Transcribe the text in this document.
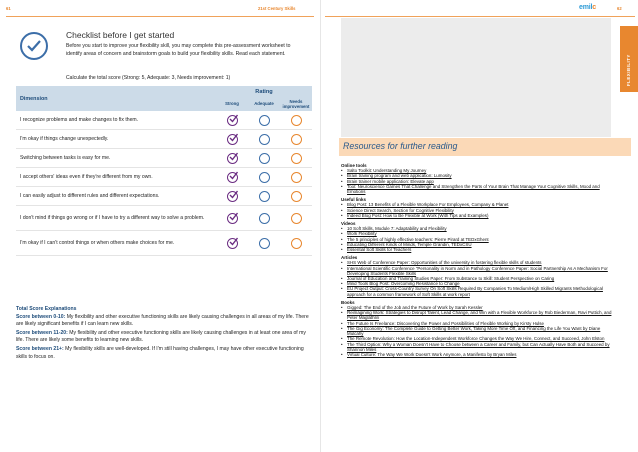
61	21st Century Skills
Checklist before I get started
Before you start to improve your flexibility skill, you may complete this pre-assessment worksheet to identify areas of concern and brainstorm goals to build your flexibility skills. Read each statement.
Calculate the total score (Strong: 5, Adequate: 3, Needs improvement: 1)
Dimension	Rating		
	Strong	Adequate	Needs improvement
I recognize problems and make changes to fix them.	

I'm okay if things change unexpectedly.	

Switching between tasks is easy for me.	

I accept others' ideas even if they're different from my own.	

I can easily adjust to different rules and different expectations.	

I don't mind if things go wrong or if I have to try a different way to solve a problem.	

I'm okay if I can't control things or when others make choices for me.	

Total Score Explanations

Score between 0-10: My flexibility and other executive functioning skills are likely causing challenges in all areas of my life. There are likely significant benefits if I can learn new skills.

Score between 11-20: My flexibility and other executive functioning skills are likely causing challenges in at least one area of my life. There are likely some benefits to learning new skills.

Score between 21+: My flexibility skills are well-developed. If I'm still having challenges, I may have other executive functioning skills to focus on.

emilc	62
FLEXIBILITY
Resources for further reading
Online tools
• Salto Toolkit: Understanding My Journey
• Brain training program and web application: Lumosity
• Brain trainer mobile application: Elevate app
• Tool: Neuroscience Games That Challenge and Strengthen the Parts of Your Brain That Manage Your Cognitive Skills, Mood and Emotions
Useful links
• Blog Post: 13 Benefits of a Flexible Workplace For Employees, Company & Planet
• Science Direct Search, Section for Cognitive Flexibility
• Indeed Blog Post: How to Be Flexible at Work (With Tips and Examples)
Videos
• 10 Soft Skills, Module 7: Adaptability and Flexibility
• Work Flexibility
• The 5 principles of highly effective teachers: Pierre Pirard at TEDxGhent
• Educating Different Kinds of Minds, Temple Grandin, TEDxCSU
• Essential Soft Skills for Teachers
Articles
• SHS Web of Conference Paper: Opportunities of the university in fostering flexible skills of students
• International Scientific Conference "Personality in Norm and in Pathology Conference Paper: Social Partnership As A Mechanism For Developing Students Flexible Skills
• Journal of Education and Training Studies Paper: From Substance to Skill: Student Perspective on Caring
• Mind Tools Blog Post: Overcoming Resistance to Change
• EU Project Output: Cross-Country Survey On Soft Skills Required By Companies To Medium/High Skilled Migrants Methodological approach for a common framework of Soft Skills at work report
Books
• Gigged: The End of the Job and the Future of Work by Sarah Kessler
• Reimagining Work: Strategies to Disrupt Talent, Lead Change, and Win with a Flexible Workforce by Rob Biederman, Ravi Puttich, and Peter Maglathlin
• The Future Is Freelance: Discovering the Power and Possibilities of Flexible Working by Kirsty Hulse
• The Gig Economy: The Complete Guide to Getting Better Work, Taking More Time Off, and Financing the Life You Want by Diane Mulcahy
• The Remote Revolution: How the Location-Independent Workforce Changes the Way We Hire, Connect, and Succeed, John Elston
• The Third Option: Why a Woman Doesn't Have to Choose between a Career and Family, but Can Actually Have Both and Succeed by Shannon Miles
• Virtual Culture: The Way We Work Doesn't Work Anymore, a Manifesto by Bryan Miles
